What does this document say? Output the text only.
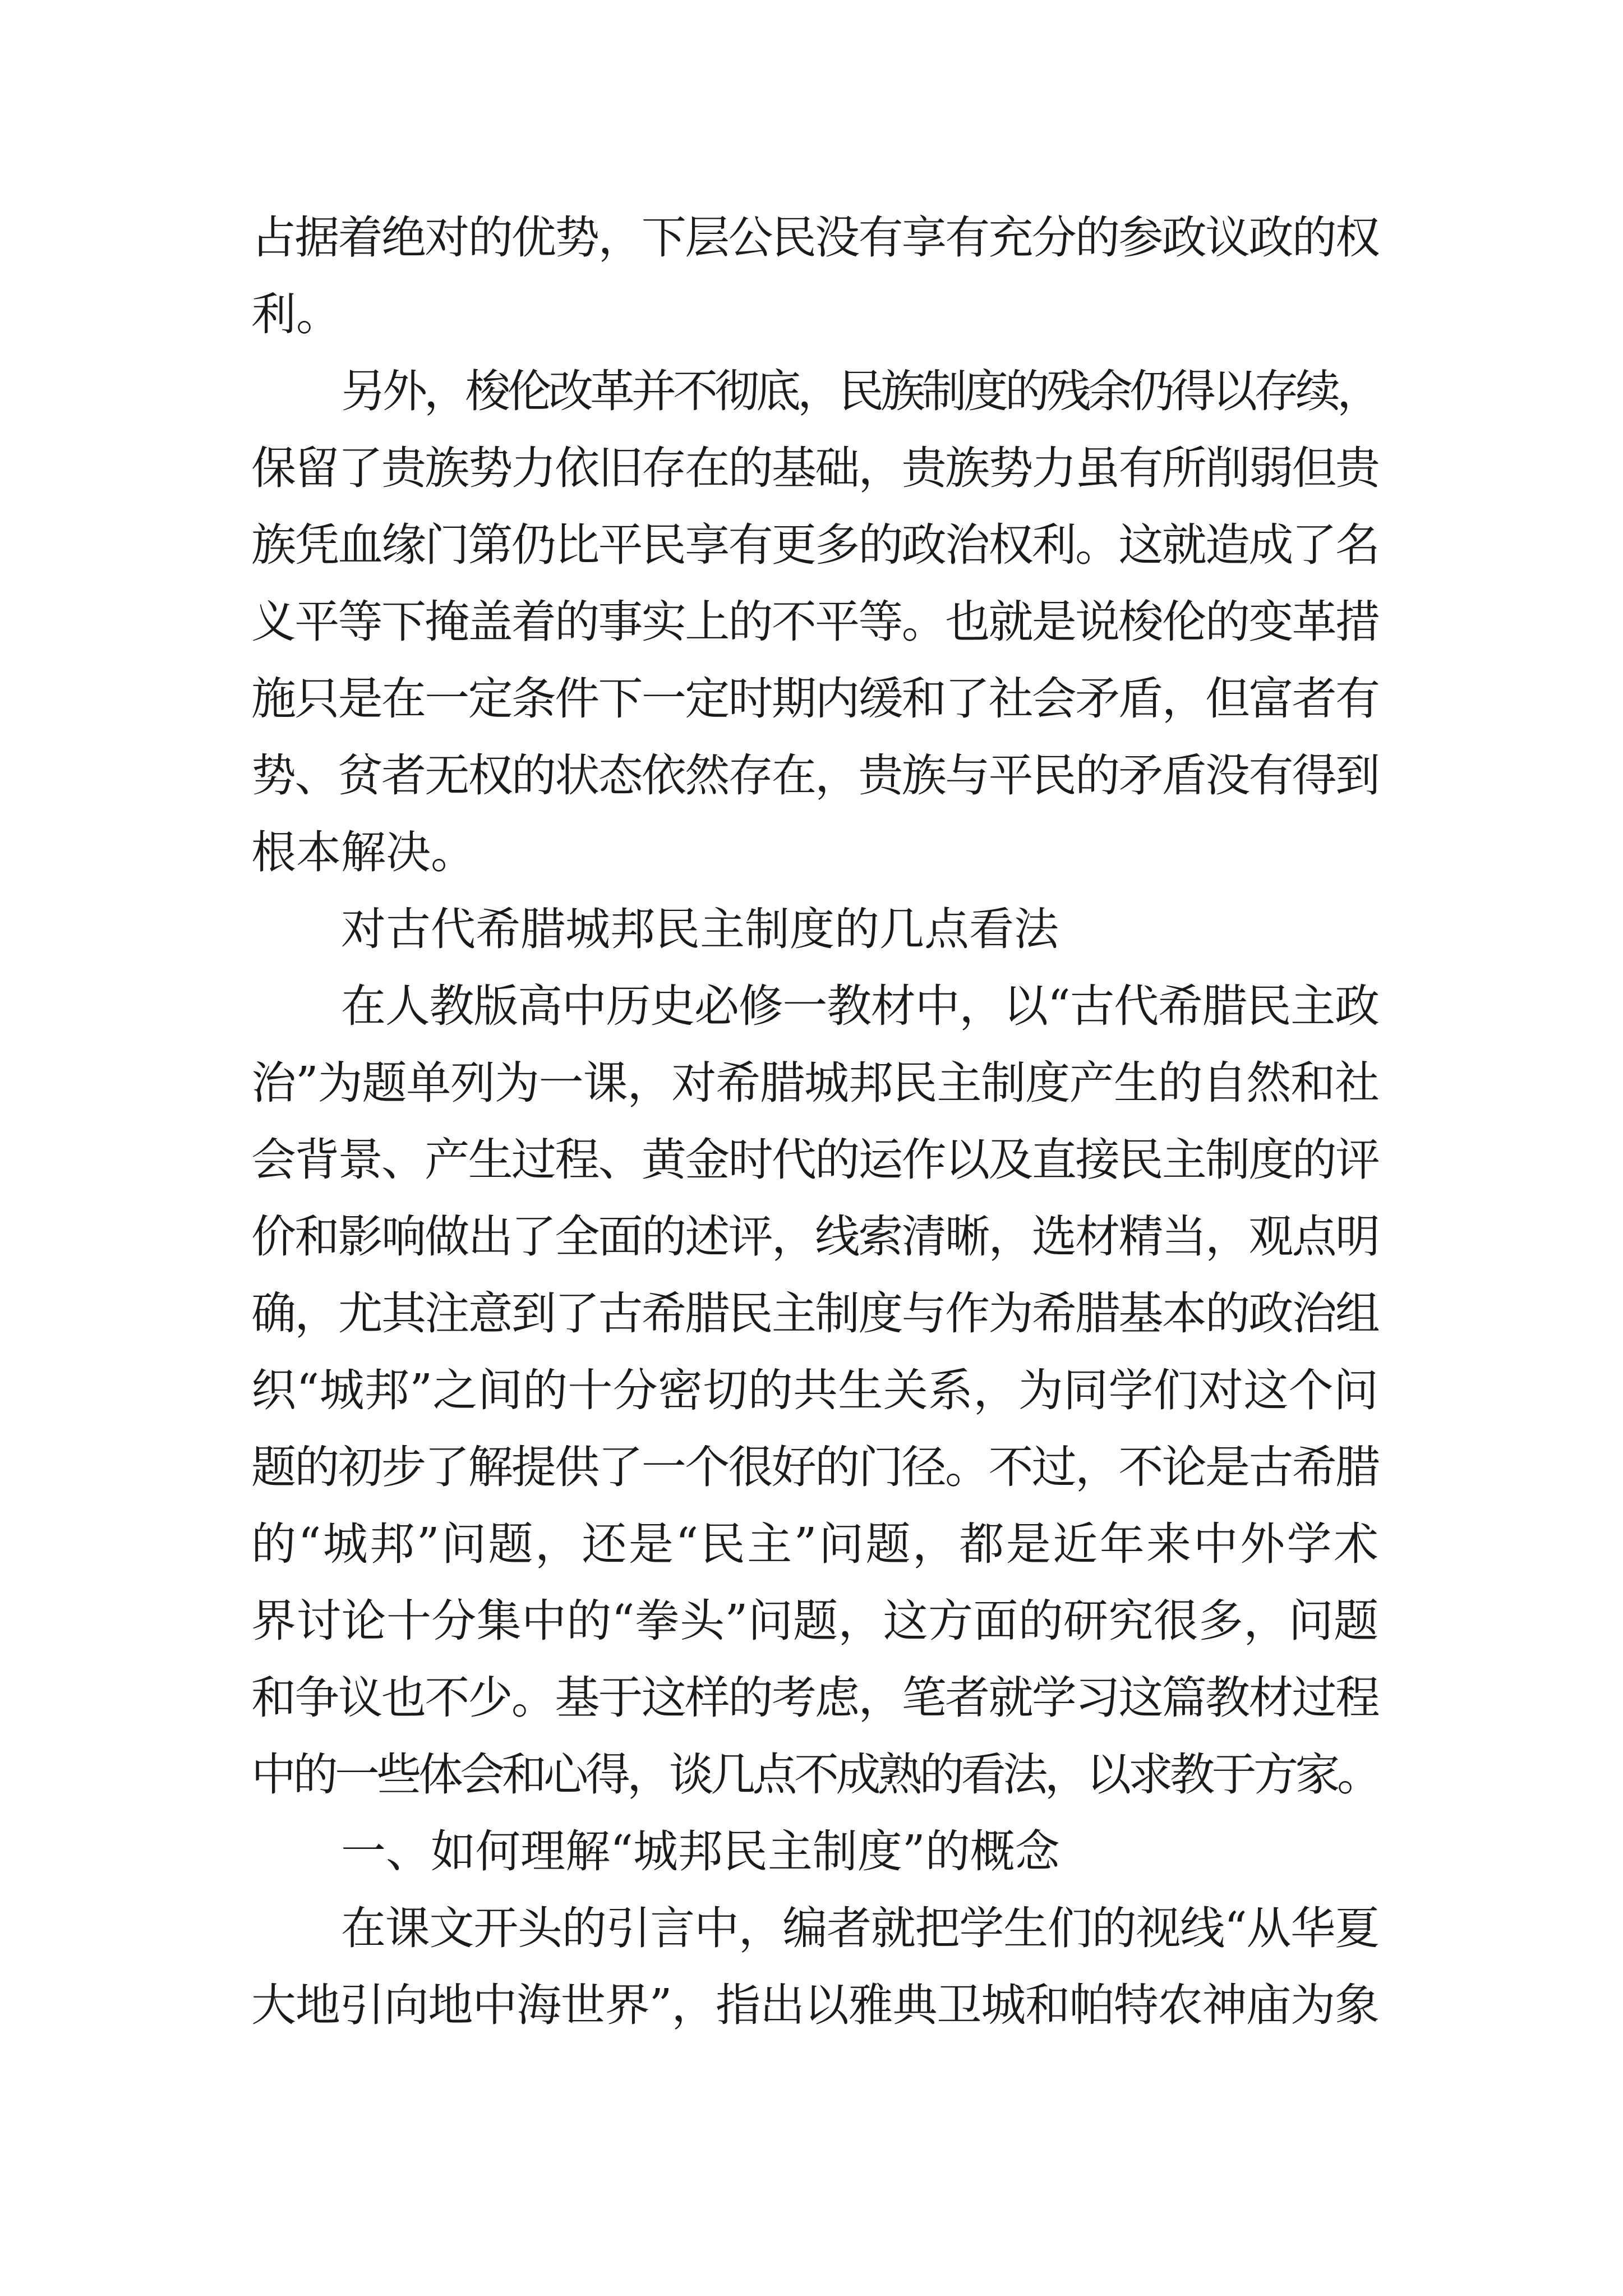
占据着绝对的优势，下层公民没有享有充分的参政议政的权
利。
另外，梭伦改革并不彻底，民族制度的残余仍得以存续，
保留了贵族势力依旧存在的基础，贵族势力虽有所削弱但贵
族凭血缘门第仍比平民享有更多的政治权利。这就造成了名
义平等下掩盖着的事实上的不平等。也就是说梭伦的变革措
施只是在一定条件下一定时期内缓和了社会矛盾，但富者有
势、贫者无权的状态依然存在，贵族与平民的矛盾没有得到
根本解决。
对古代希腊城邦民主制度的几点看法
在人教版高中历史必修一教材中，以“古代希腊民主政
治”为题单列为一课，对希腊城邦民主制度产生的自然和社
会背景、产生过程、黄金时代的运作以及直接民主制度的评
价和影响做出了全面的述评，线索清晰，选材精当，观点明
确，尤其注意到了古希腊民主制度与作为希腊基本的政治组
织“城邦”之间的十分密切的共生关系，为同学们对这个问
题的初步了解提供了一个很好的门径。不过，不论是古希腊
的“城邦”问题，还是“民主”问题，都是近年来中外学术
界讨论十分集中的“拳头”问题，这方面的研究很多，问题
和争议也不少。基于这样的考虑，笔者就学习这篇教材过程
中的一些体会和心得，谈几点不成熟的看法，以求教于方家。
一、如何理解“城邦民主制度”的概念
在课文开头的引言中，编者就把学生们的视线“从华夏
大地引向地中海世界”，指出以雅典卫城和帕特农神庙为象
